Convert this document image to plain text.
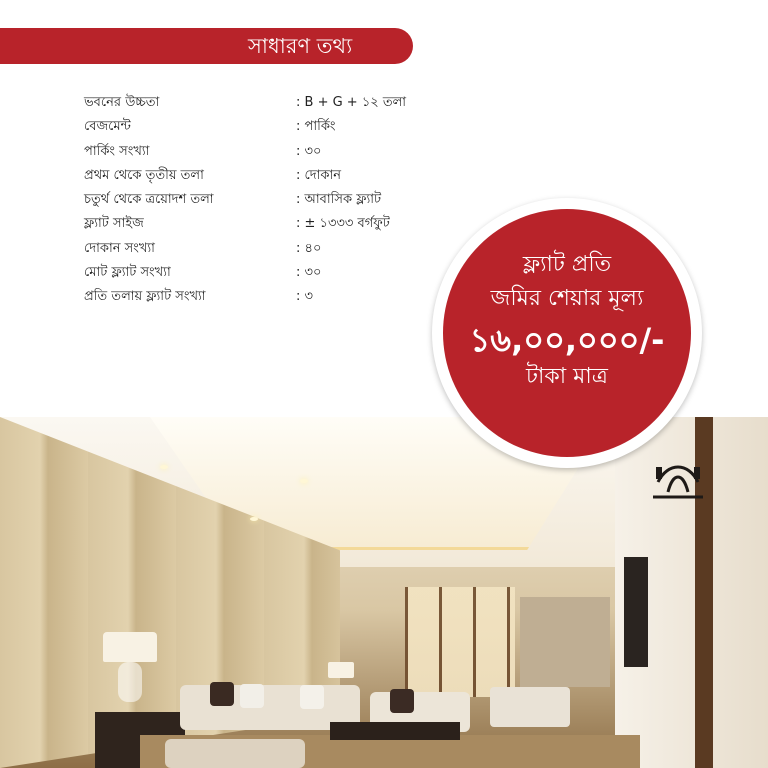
সাধারণ তথ্য
ভবনের উচ্চতা	: B + G + ১২ তলা
বেজমেন্ট	: পার্কিং
পার্কিং সংখ্যা	: ৩০
প্রথম থেকে তৃতীয় তলা	: দোকান
চতুর্থ থেকে ত্রয়োদশ তলা	: আবাসিক ফ্ল্যাট
ফ্ল্যাট সাইজ	: ± ১৩৩৩ বর্গফুট
দোকান সংখ্যা	: ৪০
মোট ফ্ল্যাট সংখ্যা	: ৩০
প্রতি তলায় ফ্ল্যাট সংখ্যা	: ৩
ফ্ল্যাট প্রতি
জমির শেয়ার মূল্য
১৬,০০,০০০/-
টাকা মাত্র
